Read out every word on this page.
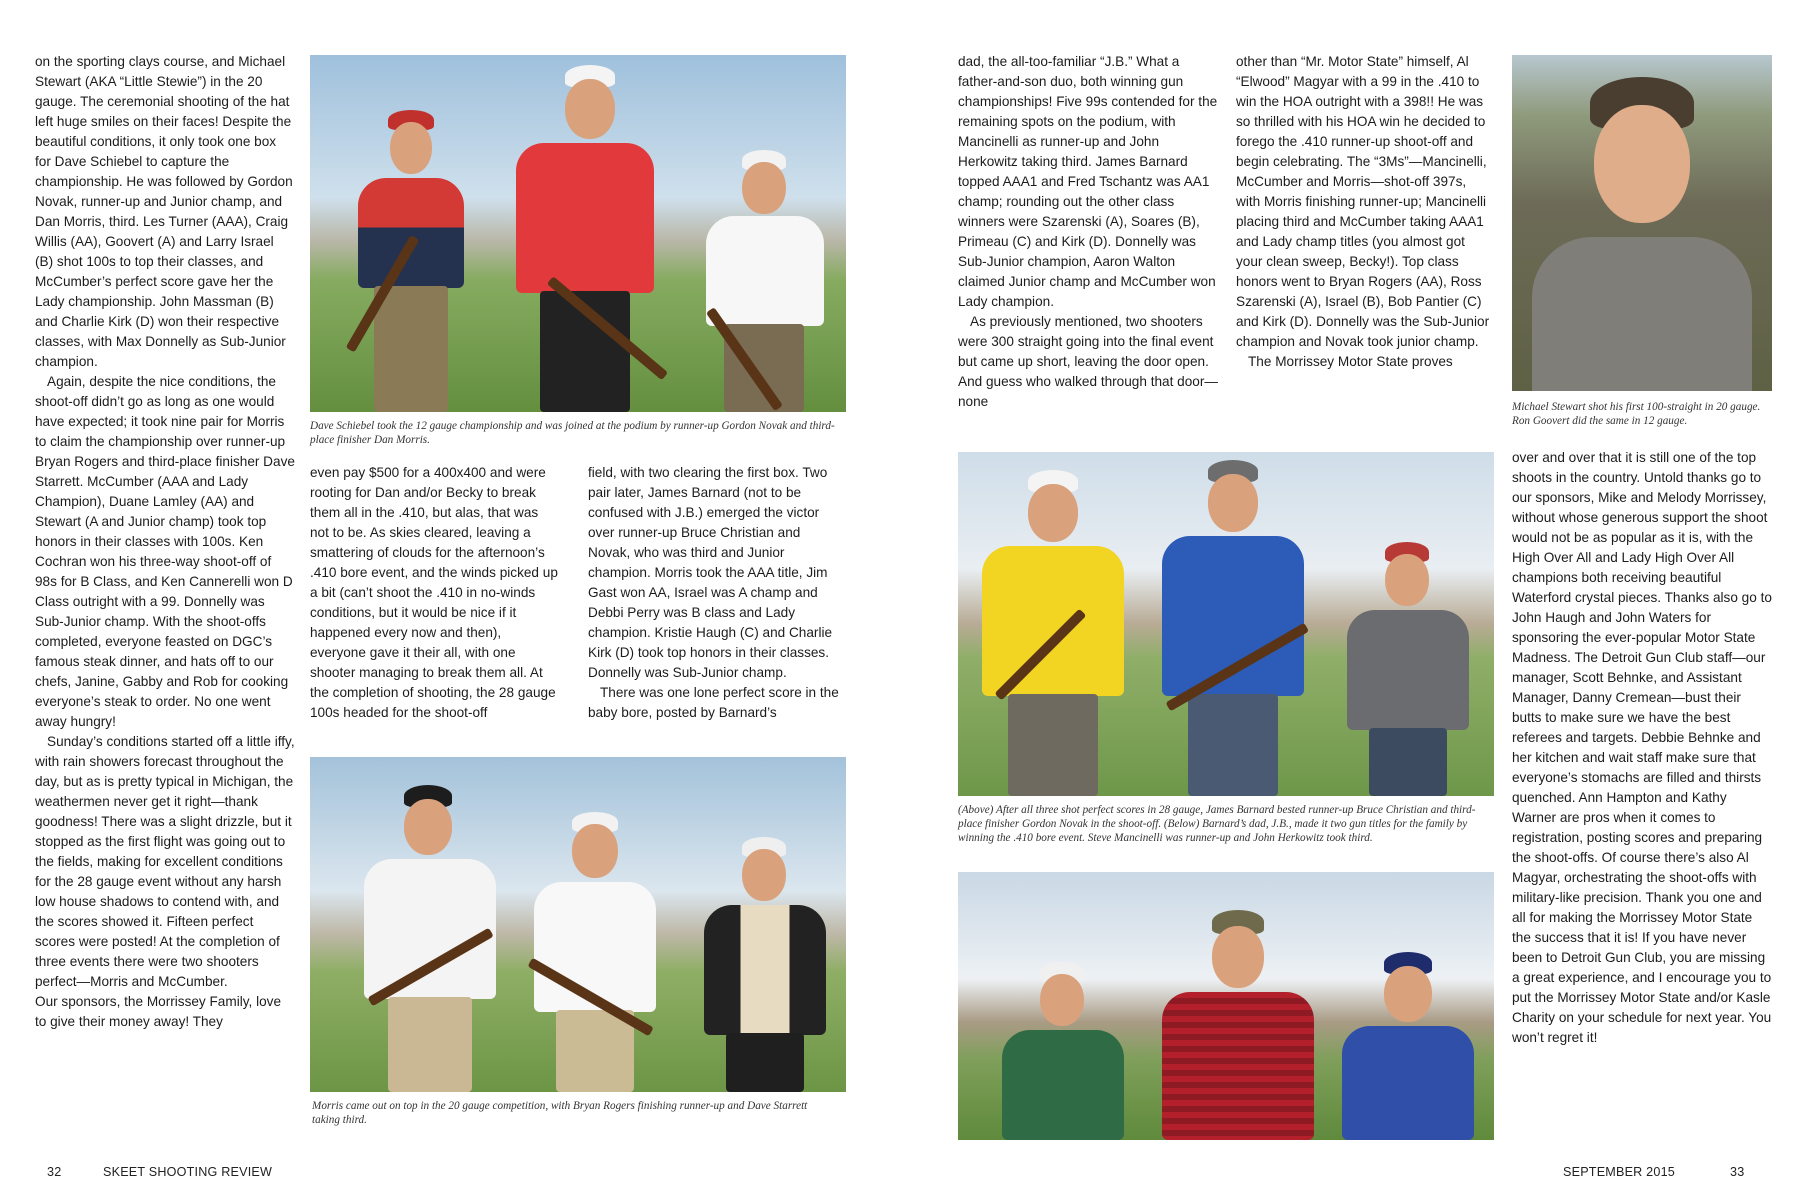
on the sporting clays course, and Michael Stewart (AKA “Little Stewie”) in the 20 gauge. The ceremonial shooting of the hat left huge smiles on their faces! Despite the beautiful conditions, it only took one box for Dave Schiebel to capture the championship. He was followed by Gordon Novak, runner-up and Junior champ, and Dan Morris, third. Les Turner (AAA), Craig Willis (AA), Goovert (A) and Larry Israel (B) shot 100s to top their classes, and McCumber’s perfect score gave her the Lady championship. John Massman (B) and Charlie Kirk (D) won their respective classes, with Max Donnelly as Sub-Junior champion.

Again, despite the nice conditions, the shoot-off didn’t go as long as one would have expected; it took nine pair for Morris to claim the championship over runner-up Bryan Rogers and third-place finisher Dave Starrett. McCumber (AAA and Lady Champion), Duane Lamley (AA) and Stewart (A and Junior champ) took top honors in their classes with 100s. Ken Cochran won his three-way shoot-off of 98s for B Class, and Ken Cannerelli won D Class outright with a 99. Donnelly was Sub-Junior champ. With the shoot-offs completed, everyone feasted on DGC’s famous steak dinner, and hats off to our chefs, Janine, Gabby and Rob for cooking everyone’s steak to order. No one went away hungry!

Sunday’s conditions started off a little iffy, with rain showers forecast throughout the day, but as is pretty typical in Michigan, the weathermen never get it right—thank goodness! There was a slight drizzle, but it stopped as the first flight was going out to the fields, making for excellent conditions for the 28 gauge event without any harsh low house shadows to contend with, and the scores showed it. Fifteen perfect scores were posted! At the completion of three events there were two shooters perfect—Morris and McCumber.

Our sponsors, the Morrissey Family, love to give their money away! They

Dave Schiebel took the 12 gauge championship and was joined at the podium by runner-up Gordon Novak and third-place finisher Dan Morris.

even pay $500 for a 400x400 and were rooting for Dan and/or Becky to break them all in the .410, but alas, that was not to be. As skies cleared, leaving a smattering of clouds for the afternoon’s .410 bore event, and the winds picked up a bit (can’t shoot the .410 in no-winds conditions, but it would be nice if it happened every now and then), everyone gave it their all, with one shooter managing to break them all. At the completion of shooting, the 28 gauge 100s headed for the shoot-off

field, with two clearing the first box. Two pair later, James Barnard (not to be confused with J.B.) emerged the victor over runner-up Bruce Christian and Novak, who was third and Junior champion. Morris took the AAA title, Jim Gast won AA, Israel was A champ and Debbi Perry was B class and Lady champion. Kristie Haugh (C) and Charlie Kirk (D) took top honors in their classes. Donnelly was Sub-Junior champ.

There was one lone perfect score in the baby bore, posted by Barnard’s

Morris came out on top in the 20 gauge competition, with Bryan Rogers finishing runner-up and Dave Starrett taking third.
32	SKEET SHOOTING REVIEW

dad, the all-too-familiar “J.B.” What a father-and-son duo, both winning gun championships! Five 99s contended for the remaining spots on the podium, with Mancinelli as runner-up and John Herkowitz taking third. James Barnard topped AAA1 and Fred Tschantz was AA1 champ; rounding out the other class winners were Szarenski (A), Soares (B), Primeau (C) and Kirk (D). Donnelly was Sub-Junior champion, Aaron Walton claimed Junior champ and McCumber won Lady champion.

As previously mentioned, two shooters were 300 straight going into the final event but came up short, leaving the door open. And guess who walked through that door—none

other than “Mr. Motor State” himself, Al “Elwood” Magyar with a 99 in the .410 to win the HOA outright with a 398!! He was so thrilled with his HOA win he decided to forego the .410 runner-up shoot-off and begin celebrating. The “3Ms”—Mancinelli, McCumber and Morris—shot-off 397s, with Morris finishing runner-up; Mancinelli placing third and McCumber taking AAA1 and Lady champ titles (you almost got your clean sweep, Becky!). Top class honors went to Bryan Rogers (AA), Ross Szarenski (A), Israel (B), Bob Pantier (C) and Kirk (D). Donnelly was the Sub-Junior champion and Novak took junior champ.

The Morrissey Motor State proves

Michael Stewart shot his first 100-straight in 20 gauge. Ron Goovert did the same in 12 gauge.
(Above) After all three shot perfect scores in 28 gauge, James Barnard bested runner-up Bruce Christian and third-place finisher Gordon Novak in the shoot-off. (Below) Barnard’s dad, J.B., made it two gun titles for the family by winning the .410 bore event. Steve Mancinelli was runner-up and John Herkowitz took third.

over and over that it is still one of the top shoots in the country. Untold thanks go to our sponsors, Mike and Melody Morrissey, without whose generous support the shoot would not be as popular as it is, with the High Over All and Lady High Over All champions both receiving beautiful Waterford crystal pieces. Thanks also go to John Haugh and John Waters for sponsoring the ever-popular Motor State Madness. The Detroit Gun Club staff—our manager, Scott Behnke, and Assistant Manager, Danny Cremean—bust their butts to make sure we have the best referees and targets. Debbie Behnke and her kitchen and wait staff make sure that everyone’s stomachs are filled and thirsts quenched. Ann Hampton and Kathy Warner are pros when it comes to registration, posting scores and preparing the shoot-offs. Of course there’s also Al Magyar, orchestrating the shoot-offs with military-like precision. Thank you one and all for making the Morrissey Motor State the success that it is! If you have never been to Detroit Gun Club, you are missing a great experience, and I encourage you to put the Morrissey Motor State and/or Kasle Charity on your schedule for next year. You won’t regret it!

SEPTEMBER 2015	33
